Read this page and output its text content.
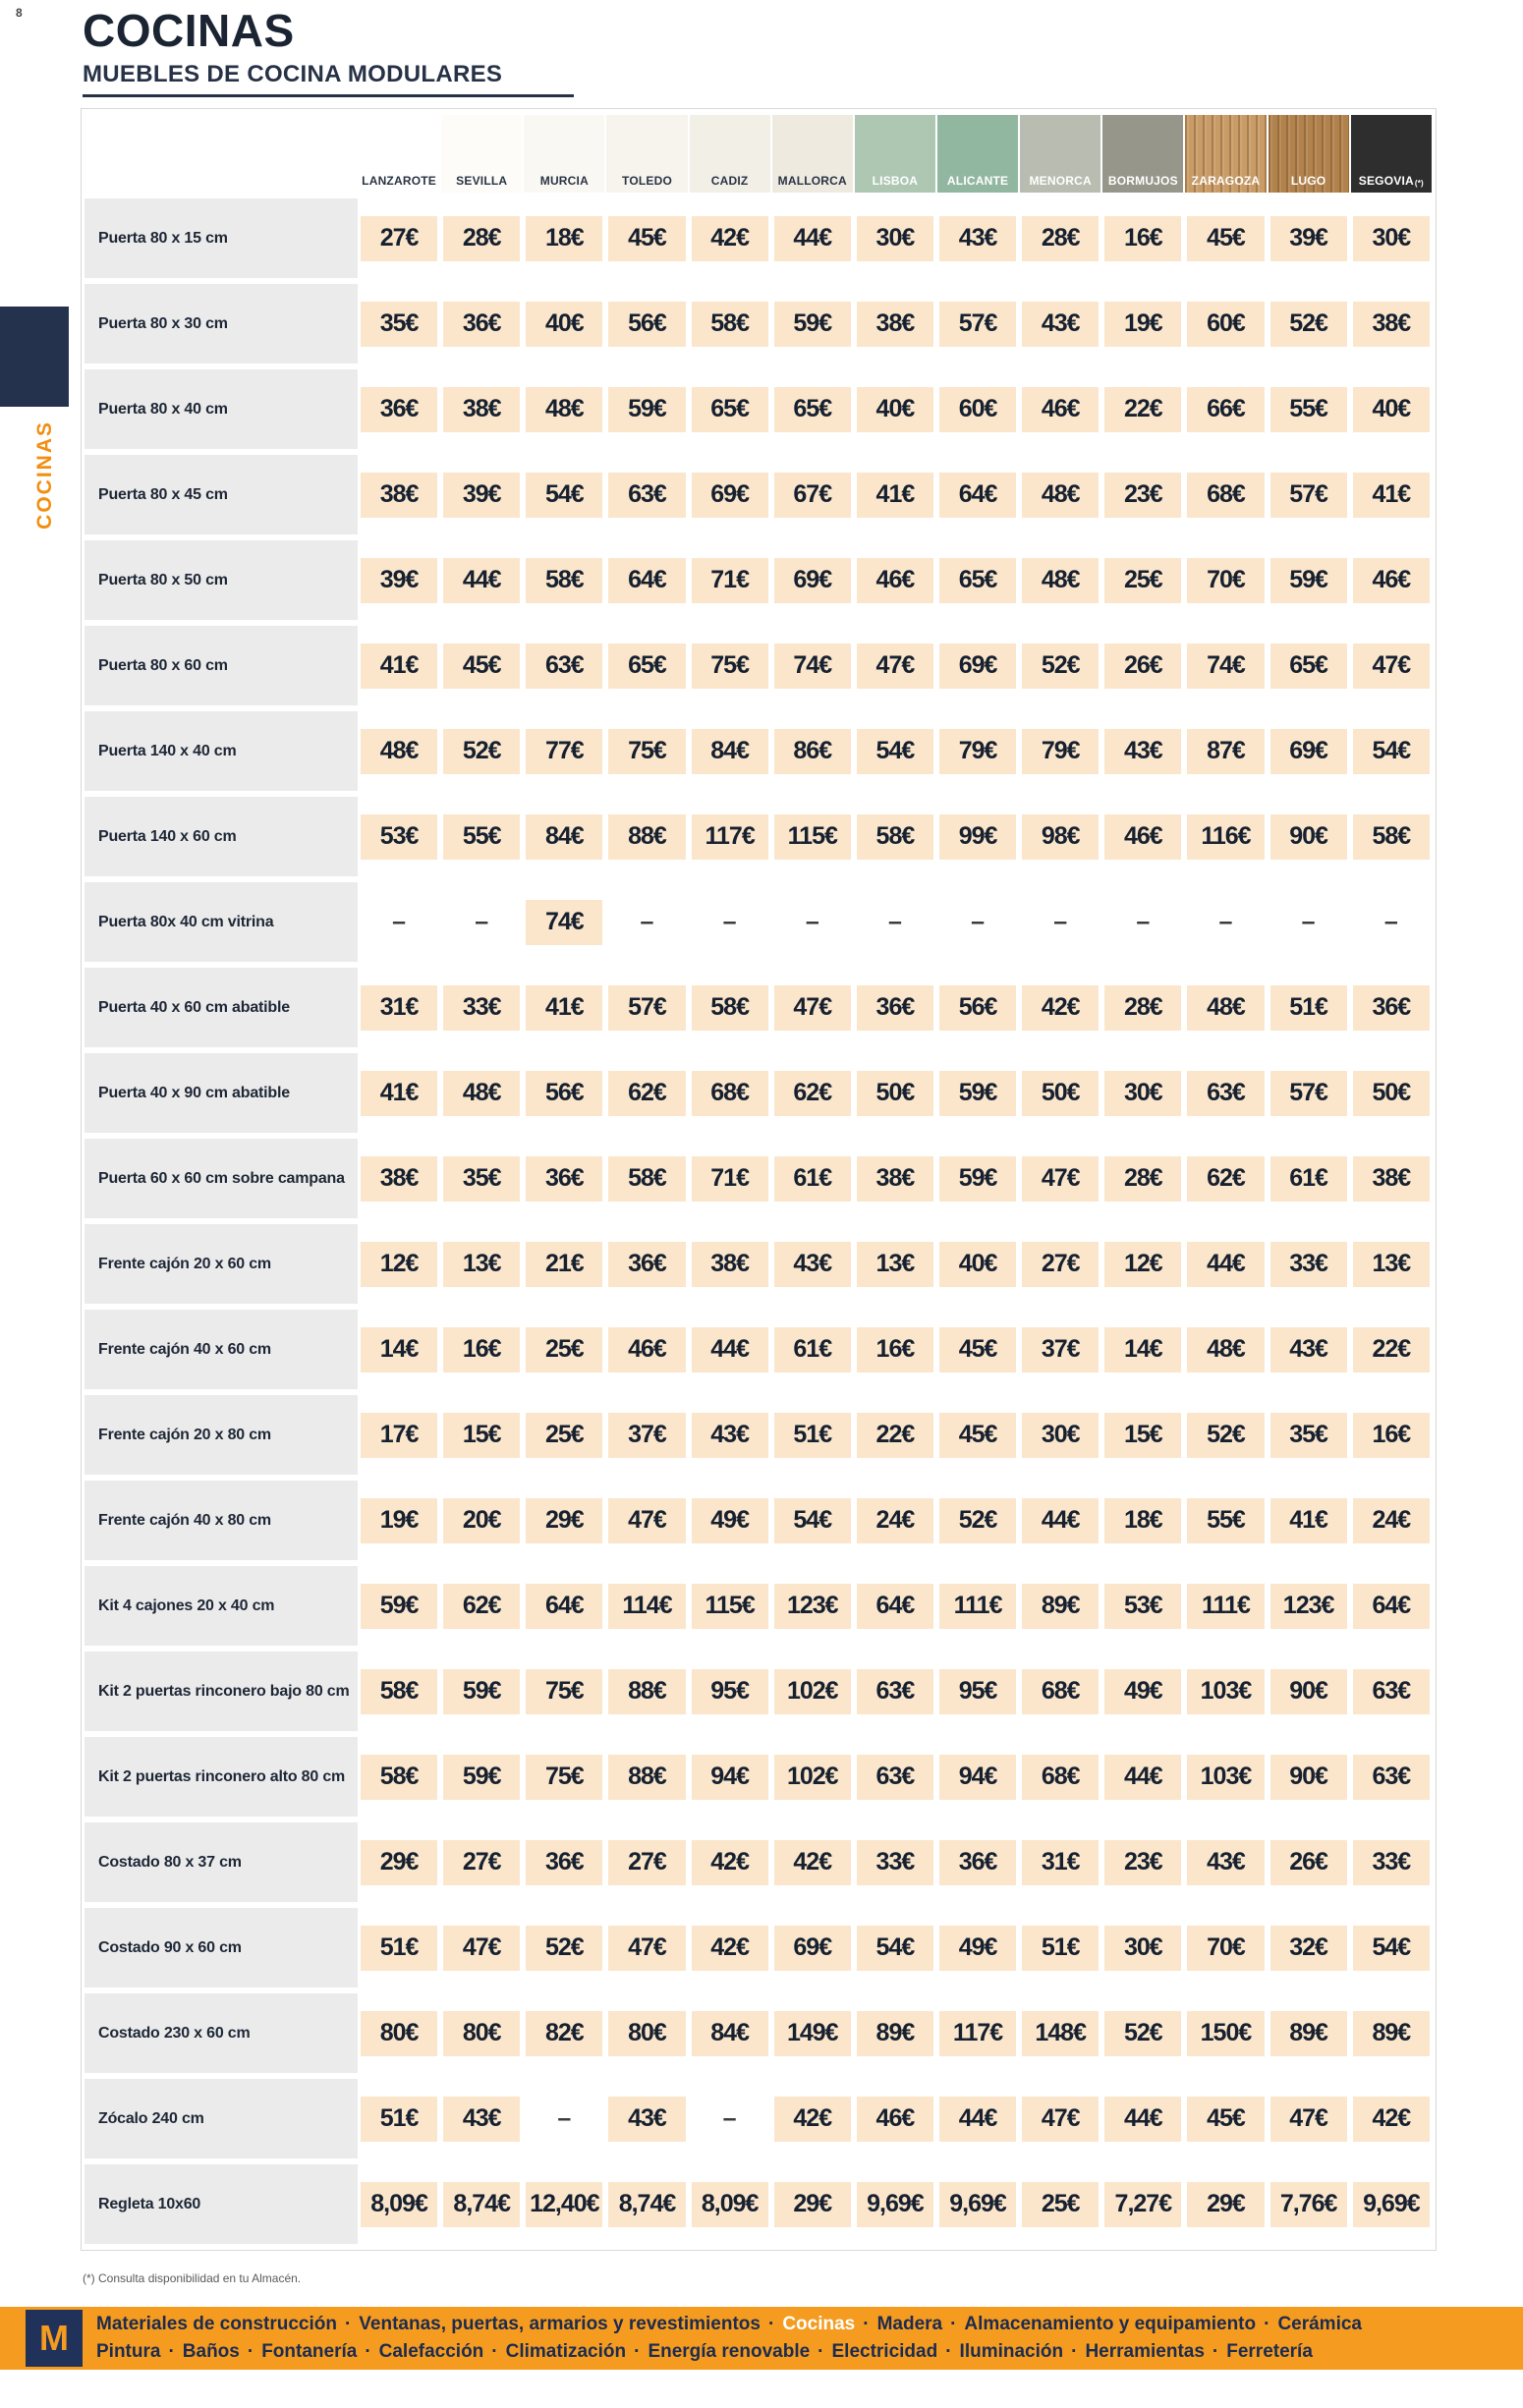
8 COCINAS
MUEBLES DE COCINA MODULARES
COCINAS

	LANZAROTE	SEVILLA	MURCIA	TOLEDO	CADIZ	MALLORCA	LISBOA	ALICANTE	MENORCA	BORMUJOS	ZARAGOZA	LUGO	$SEGOVIA_{(*)}$

Puerta 80 x 15 cm	27€	28€	18€	45€	42€	44€	30€	43€	28€	16€	45€	39€	30€

Puerta 80 x 30 cm	35€	36€	40€	56€	58€	59€	38€	57€	43€	19€	60€	52€	38€

Puerta 80 x 40 cm	36€	38€	48€	59€	65€	65€	40€	60€	46€	22€	66€	55€	40€

Puerta 80 x 45 cm	38€	39€	54€	63€	69€	67€	41€	64€	48€	23€	68€	57€	41€

Puerta 80 x 50 cm	39€	44€	58€	64€	71€	69€	46€	65€	48€	25€	70€	59€	46€

Puerta 80 x 60 cm	41€	45€	63€	65€	75€	74€	47€	69€	52€	26€	74€	65€	47€

Puerta 140 x 40 cm	48€	52€	77€	75€	84€	86€	54€	79€	79€	43€	87€	69€	54€

Puerta 140 x 60 cm	53€	55€	84€	88€	117€	115€	58€	99€	98€	46€	116€	90€	58€

Puerta 80x 40 cm vitrina	–	–	74€	–	–	–	–	–	–	–	–	–	–

Puerta 40 x 60 cm abatible	31€	33€	41€	57€	58€	47€	36€	56€	42€	28€	48€	51€	36€

Puerta 40 x 90 cm abatible	41€	48€	56€	62€	68€	62€	50€	59€	50€	30€	63€	57€	50€

Puerta 60 x 60 cm sobre campana	38€	35€	36€	58€	71€	61€	38€	59€	47€	28€	62€	61€	38€

Frente cajón 20 x 60 cm	12€	13€	21€	36€	38€	43€	13€	40€	27€	12€	44€	33€	13€

Frente cajón 40 x 60 cm	14€	16€	25€	46€	44€	61€	16€	45€	37€	14€	48€	43€	22€

Frente cajón 20 x 80 cm	17€	15€	25€	37€	43€	51€	22€	45€	30€	15€	52€	35€	16€

Frente cajón 40 x 80 cm	19€	20€	29€	47€	49€	54€	24€	52€	44€	18€	55€	41€	24€

Kit 4 cajones 20 x 40 cm	59€	62€	64€	114€	115€	123€	64€	111€	89€	53€	111€	123€	64€

Kit 2 puertas rinconero bajo 80 cm	58€	59€	75€	88€	95€	102€	63€	95€	68€	49€	103€	90€	63€

Kit 2 puertas rinconero alto 80 cm	58€	59€	75€	88€	94€	102€	63€	94€	68€	44€	103€	90€	63€

Costado 80 x 37 cm	29€	27€	36€	27€	42€	42€	33€	36€	31€	23€	43€	26€	33€

Costado 90 x 60 cm	51€	47€	52€	47€	42€	69€	54€	49€	51€	30€	70€	32€	54€

Costado 230 x 60 cm	80€	80€	82€	80€	84€	149€	89€	117€	148€	52€	150€	89€	89€

Zócalo 240 cm	51€	43€	–	43€	–	42€	46€	44€	47€	44€	45€	47€	42€

Regleta 10x60	8,09€	8,74€	12,40€	8,74€	8,09€	29€	9,69€	9,69€	25€	7,27€	29€	7,76€	9,69€
(*) Consulta disponibilidad en tu Almacén.
M Materiales de construcción · Ventanas, puertas, armarios y revestimientos · Cocinas · Madera · Almacenamiento y equipamiento · Cerámica
Pintura · Baños · Fontanería · Calefacción · Climatización · Energía renovable · Electricidad · Iluminación · Herramientas · Ferretería
